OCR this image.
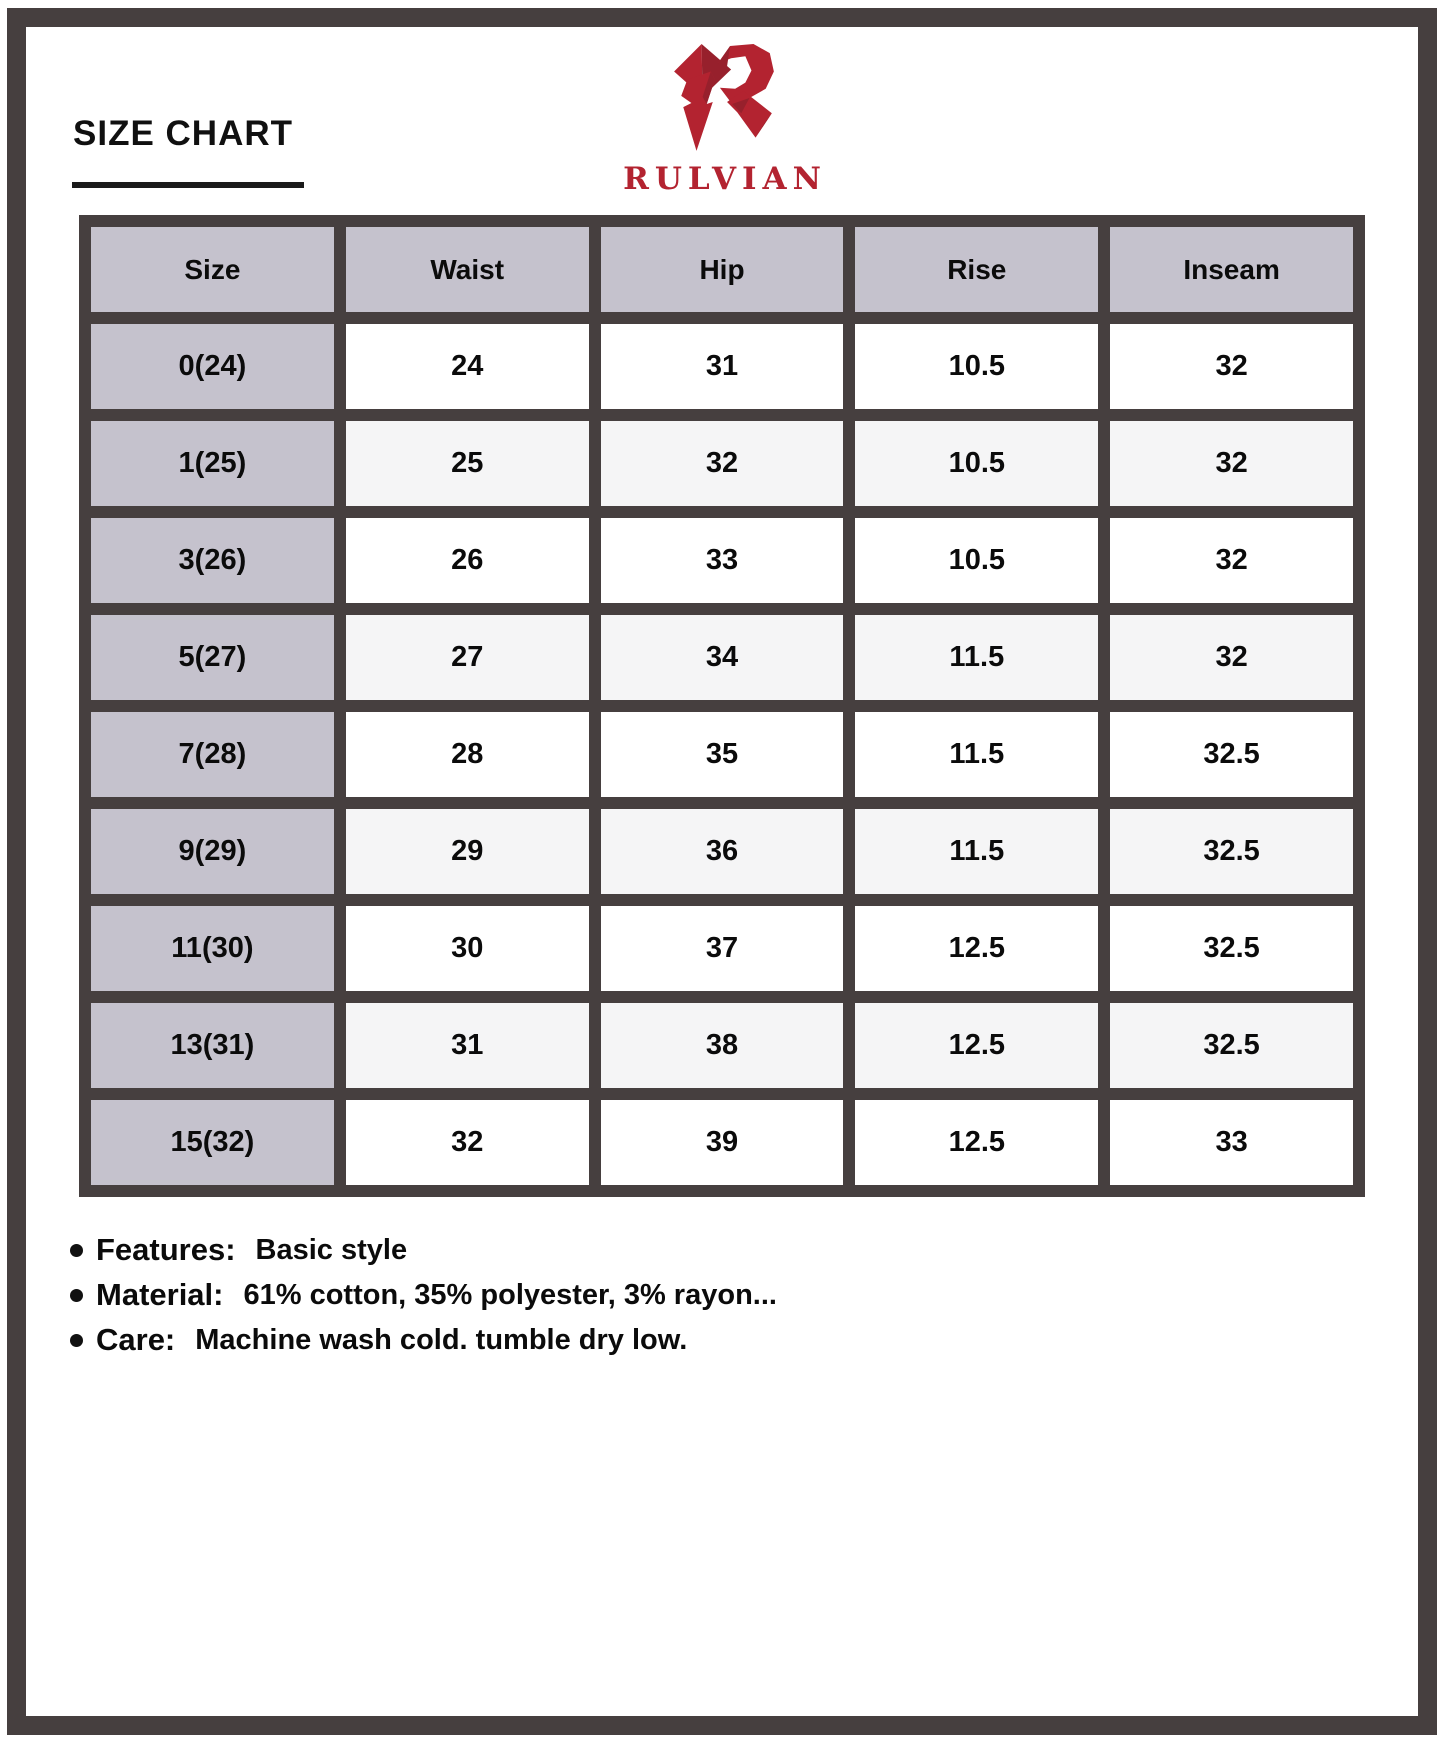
SIZE CHART
RULVIAN
Size	Waist	Hip	Rise	Inseam
0(24)	24	31	10.5	32
1(25)	25	32	10.5	32
3(26)	26	33	10.5	32
5(27)	27	34	11.5	32
7(28)	28	35	11.5	32.5
9(29)	29	36	11.5	32.5
11(30)	30	37	12.5	32.5
13(31)	31	38	12.5	32.5
15(32)	32	39	12.5	33
Features: Basic style
Material: 61% cotton, 35% polyester, 3% rayon...
Care: Machine wash cold. tumble dry low.
